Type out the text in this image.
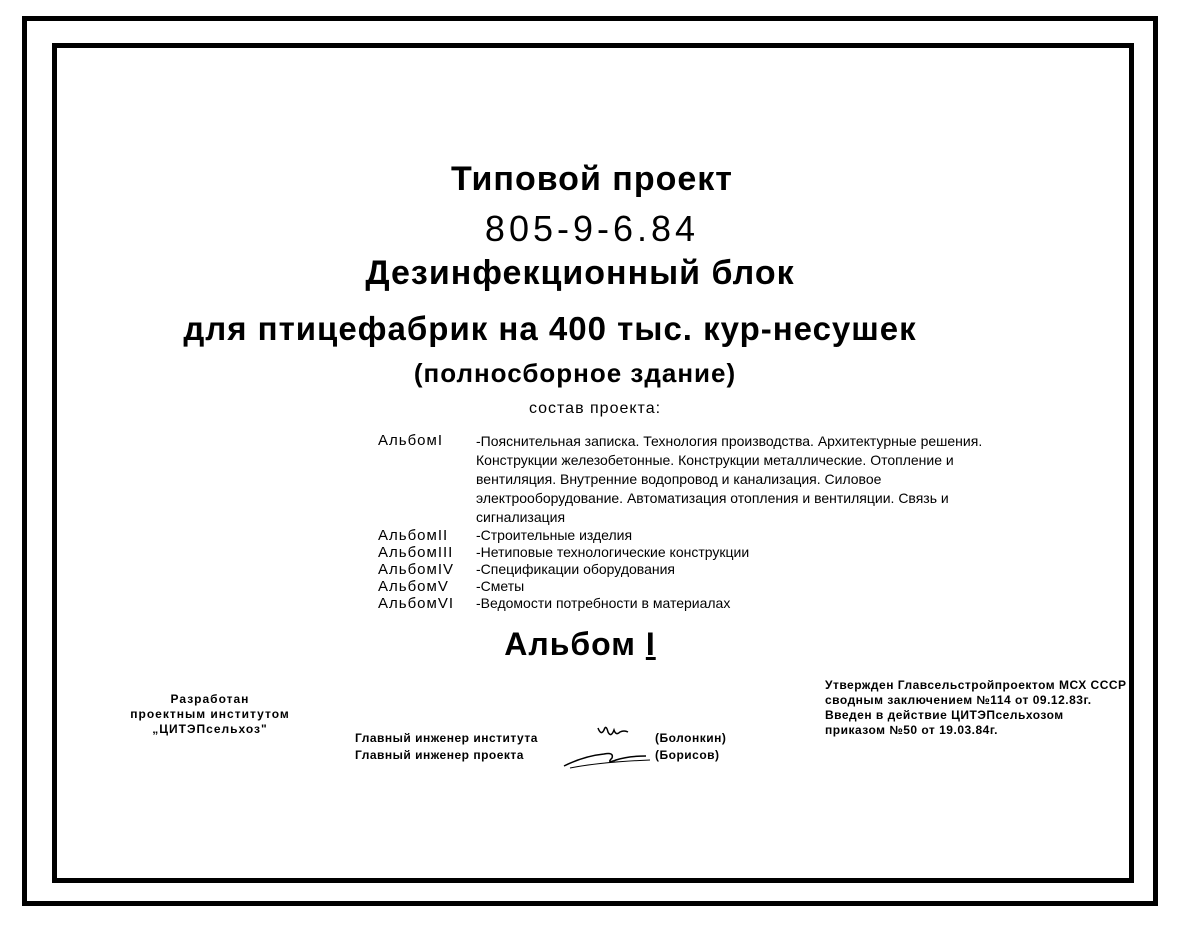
Типовой проект
805-9-6.84
Дезинфекционный блок
для птицефабрик на 400 тыс. кур-несушек
(полносборное здание)
состав проекта:
АльбомI	-Пояснительная записка. Технология производства. Архитектурные решения. Конструкции железобетонные. Конструкции металлические. Отопление и вентиляция. Внутренние водопровод и канализация. Силовое электрооборудование. Автоматизация отопления и вентиляции. Связь и сигнализация
АльбомII	-Строительные изделия
АльбомIII	-Нетиповые технологические конструкции
АльбомIV	-Спецификации оборудования
АльбомV	-Сметы
АльбомVI	-Ведомости потребности в материалах
Альбом I
Разработан
проектным институтом
„ЦИТЭПсельхоз"
Главный инженер института	(Болонкин)
Главный инженер проекта	(Борисов)
Утвержден Главсельстройпроектом МСХ СССР
сводным заключением №114 от 09.12.83г.
Введен в действие ЦИТЭПсельхозом
приказом №50 от 19.03.84г.
